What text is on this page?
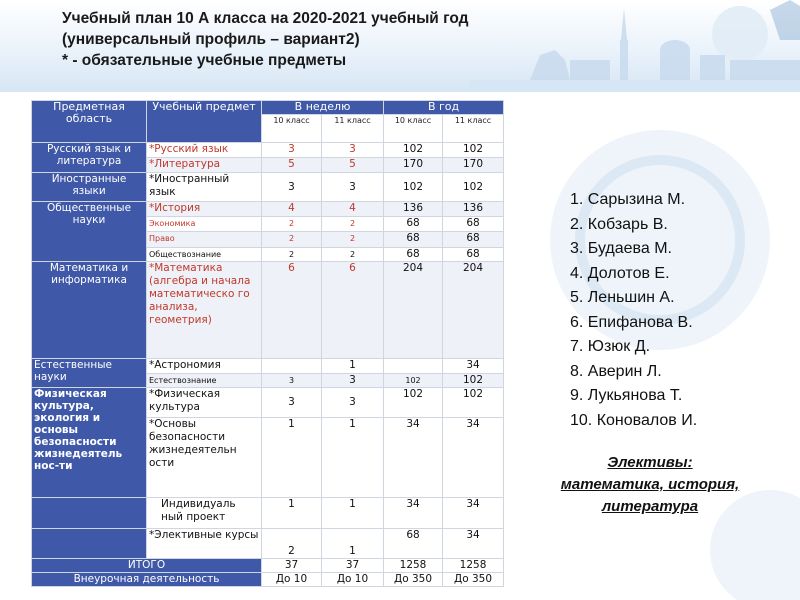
Учебный план 10 А класса на 2020-2021 учебный год
(универсальный профиль – вариант2)
* - обязательные учебные предметы
Предметная область	Учебный предмет	В неделю		В год	
		10 класс	11 класс	10 класс	11 класс
Русский язык и литература	*Русский язык	3	3	102	102
	*Литература	5	5	170	170
Иностранные языки	*Иностранный язык	3	3	102	102
Общественные науки	*История	4	4	136	136
	Экономика	2	2	68	68
	Право	2	2	68	68
	Обществознание	2	2	68	68
Математика и информатика	*Математика (алгебра и начала математическо го анализа, геометрия)	6	6	204	204
Естественные науки	*Астрономия		1		34
	Естествознание	3	3	102	102
Физическая культура, экология и основы безопасности жизнедеятель нос-ти	*Физическая культура	3	3	102	102
	*Основы безопасности жизнедеятельн ости	1	1	34	34
	Индивидуаль ный проект	1	1	34	34
	*Элективные курсы	2	1	68	34
ИТОГО		37	37	1258	1258
Внеурочная деятельность		До 10	До 10	До 350	До 350
1. Сарызина М.
2. Кобзарь В.
3. Будаева М.
4. Долотов Е.
5. Леньшин А.
6. Епифанова В.
7. Юзюк Д.
8. Аверин Л.
9. Лукьянова Т.
10. Коновалов И.
Элективы:
математика, история,
литература
